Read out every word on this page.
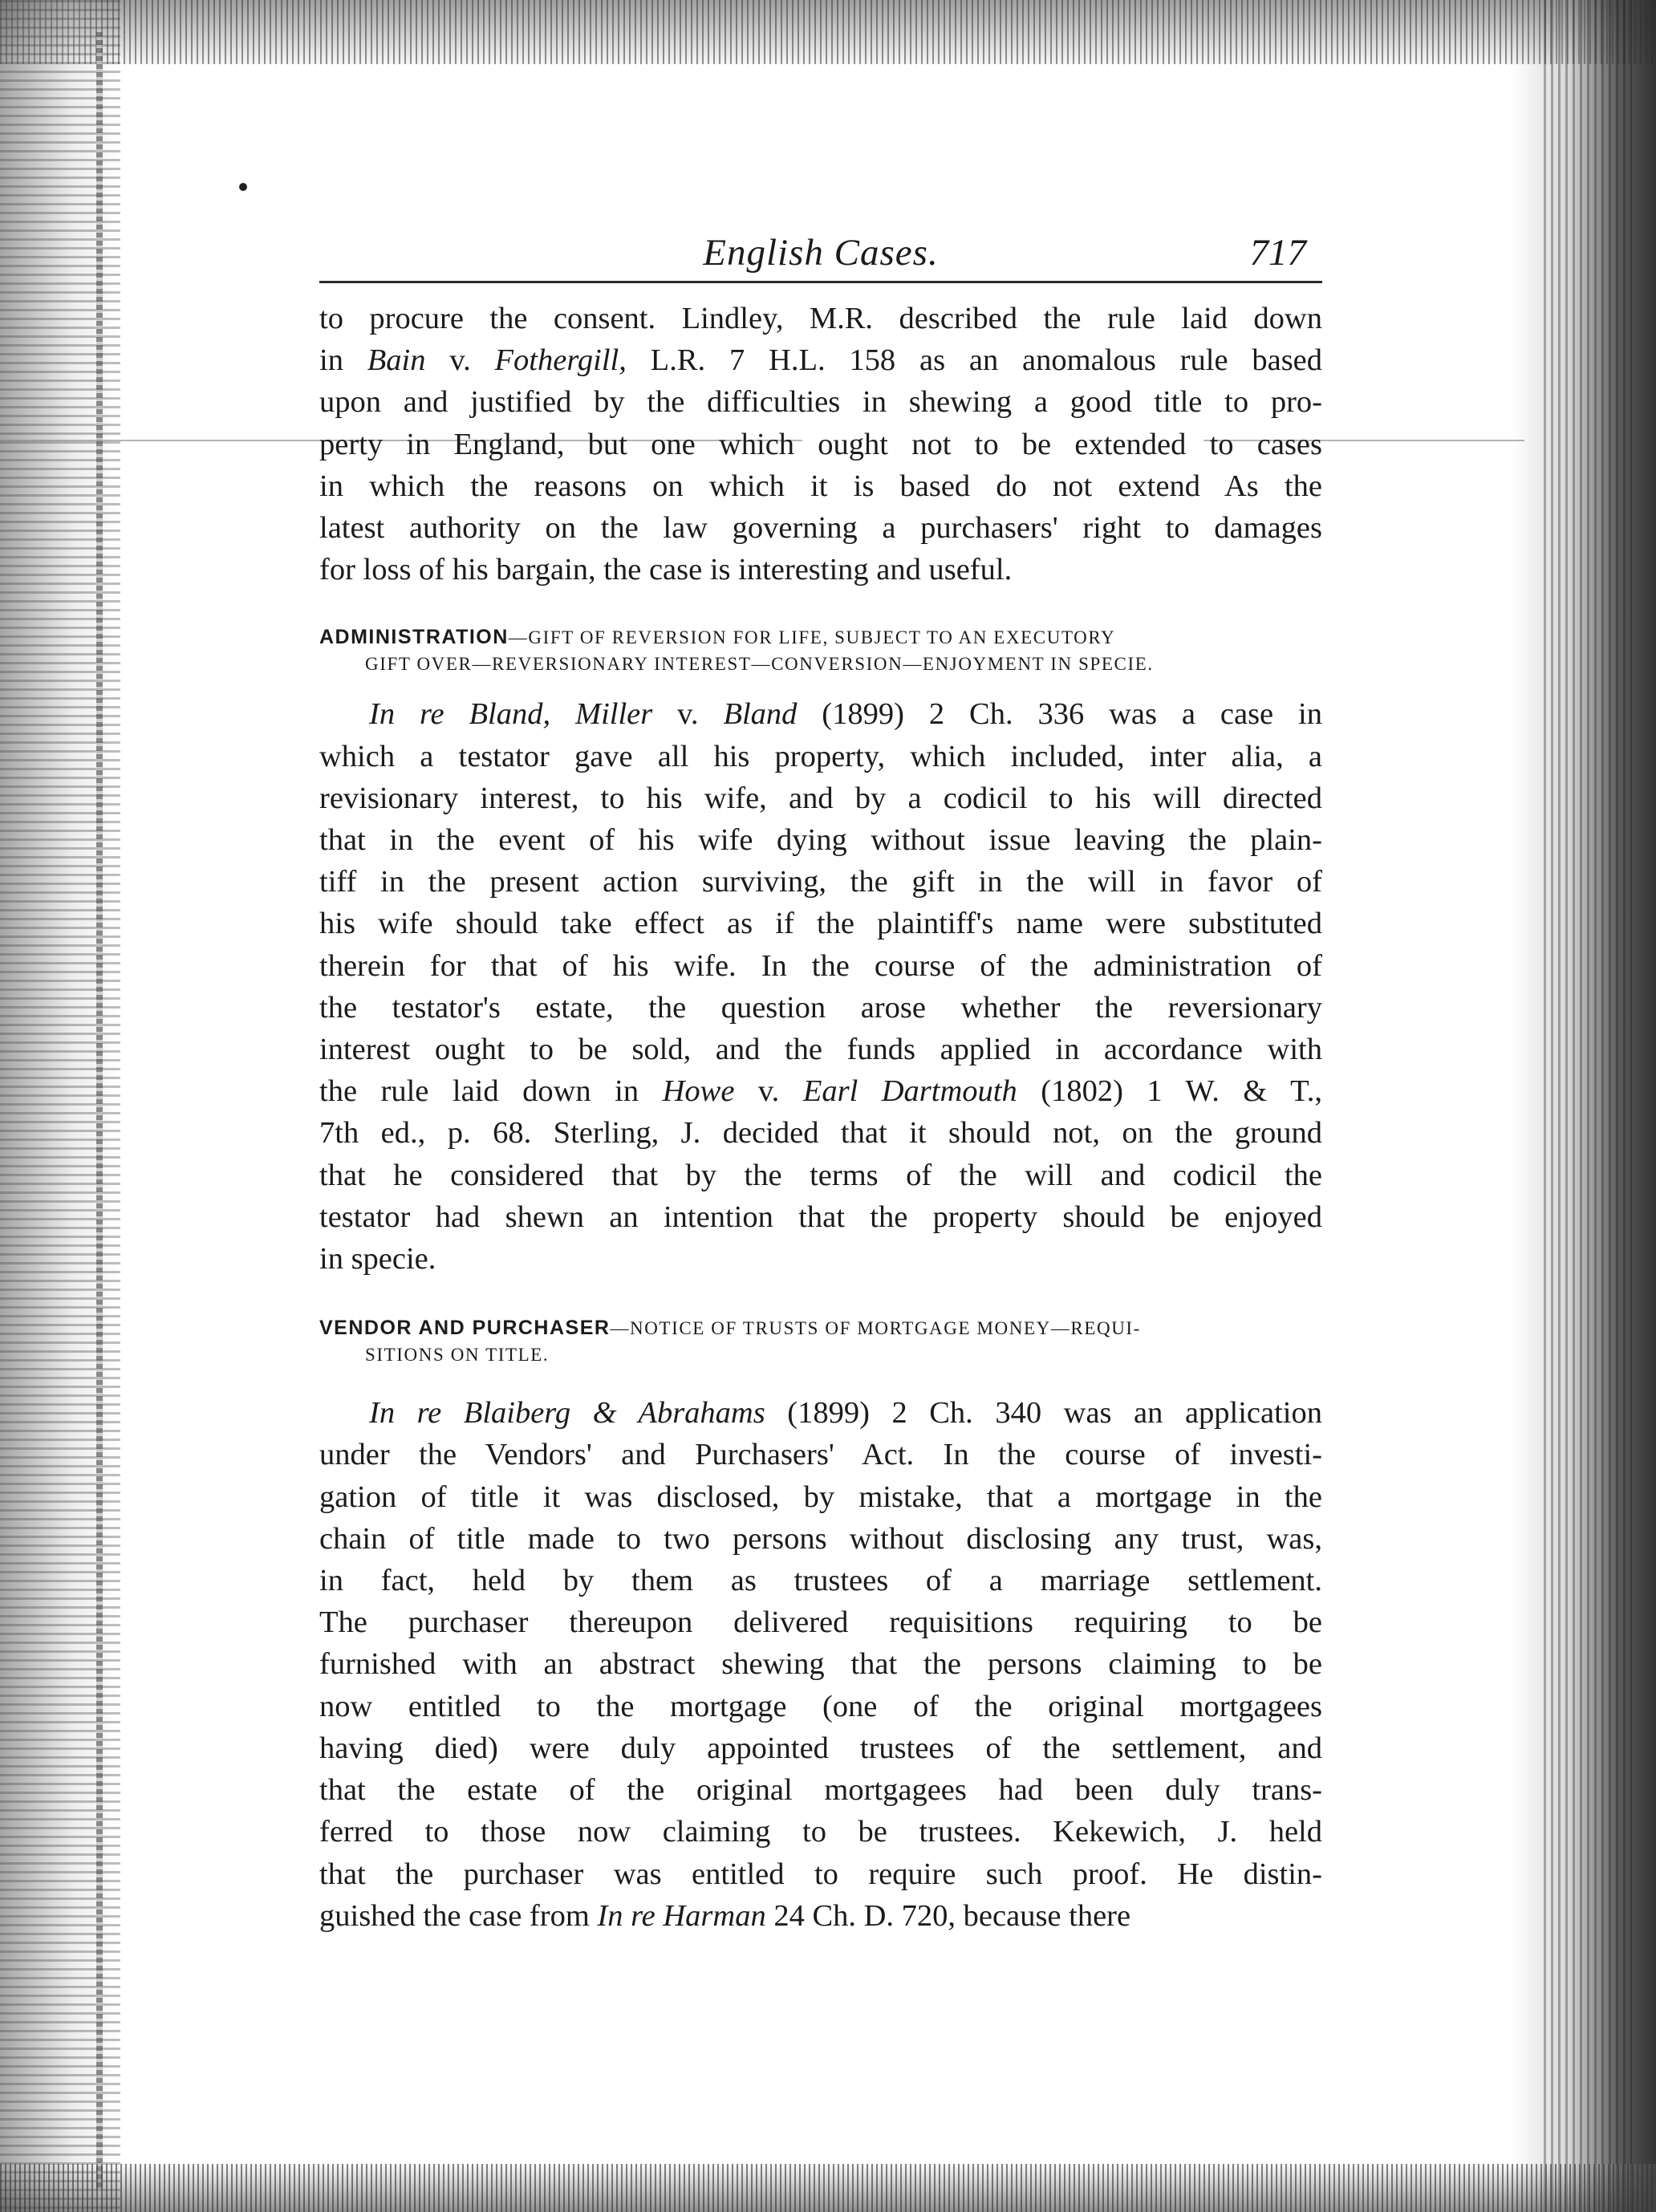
English Cases.	717
to procure the consent. Lindley, M.R. described the rule laid down
in Bain v. Fothergill, L.R. 7 H.L. 158 as an anomalous rule based
upon and justified by the difficulties in shewing a good title to pro-
perty in England, but one which ought not to be extended to cases
in which the reasons on which it is based do not extend As the
latest authority on the law governing a purchasers' right to damages
for loss of his bargain, the case is interesting and useful.
ADMINISTRATION—GIFT OF REVERSION FOR LIFE, SUBJECT TO AN EXECUTORY
GIFT OVER—REVERSIONARY INTEREST—CONVERSION—ENJOYMENT IN SPECIE.
In re Bland, Miller v. Bland (1899) 2 Ch. 336 was a case in
which a testator gave all his property, which included, inter alia, a
revisionary interest, to his wife, and by a codicil to his will directed
that in the event of his wife dying without issue leaving the plain-
tiff in the present action surviving, the gift in the will in favor of
his wife should take effect as if the plaintiff's name were substituted
therein for that of his wife. In the course of the administration of
the testator's estate, the question arose whether the reversionary
interest ought to be sold, and the funds applied in accordance with
the rule laid down in Howe v. Earl Dartmouth (1802) 1 W. & T.,
7th ed., p. 68. Sterling, J. decided that it should not, on the ground
that he considered that by the terms of the will and codicil the
testator had shewn an intention that the property should be enjoyed
in specie.
VENDOR AND PURCHASER—NOTICE OF TRUSTS OF MORTGAGE MONEY—REQUI-
SITIONS ON TITLE.
In re Blaiberg & Abrahams (1899) 2 Ch. 340 was an application
under the Vendors' and Purchasers' Act. In the course of investi-
gation of title it was disclosed, by mistake, that a mortgage in the
chain of title made to two persons without disclosing any trust, was,
in fact, held by them as trustees of a marriage settlement.
The purchaser thereupon delivered requisitions requiring to be
furnished with an abstract shewing that the persons claiming to be
now entitled to the mortgage (one of the original mortgagees
having died) were duly appointed trustees of the settlement, and
that the estate of the original mortgagees had been duly trans-
ferred to those now claiming to be trustees. Kekewich, J. held
that the purchaser was entitled to require such proof. He distin-
guished the case from In re Harman 24 Ch. D. 720, because there
